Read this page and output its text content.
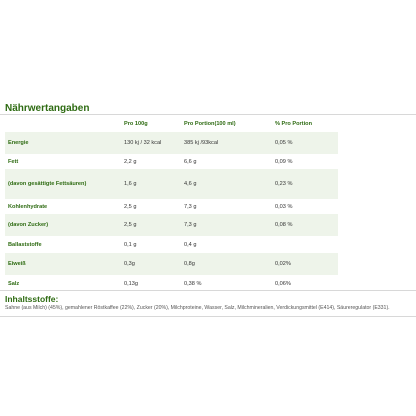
Nährwertangaben
	Pro 100g	Pro Portion(100 ml)	% Pro Portion
Energie	130 kj / 32 kcal	385 kj /93kcal	0,05 %
Fett	2,2 g	6,6 g	0,09 %
(davon gesättigte Fettsäuren)	1,6 g	4,6 g	0,23 %
Kohlenhydrate	2,5 g	7,3 g	0,03 %
(davon Zucker)	2,5 g	7,3 g	0,08 %
Ballaststoffe	0,1 g	0,4 g	
Eiweiß	0,3g	0,8g	0,02%
Salz	0,13g	0,38 %	0,06%
Inhaltsstoffe:
Sahne (aus Milch) (45%), gemahlener Röstkaffee (22%), Zucker (20%), Milchproteine, Wasser, Salz, Milchmineralien, Verdickungsmittel (E414), Säureregulator (E331).
